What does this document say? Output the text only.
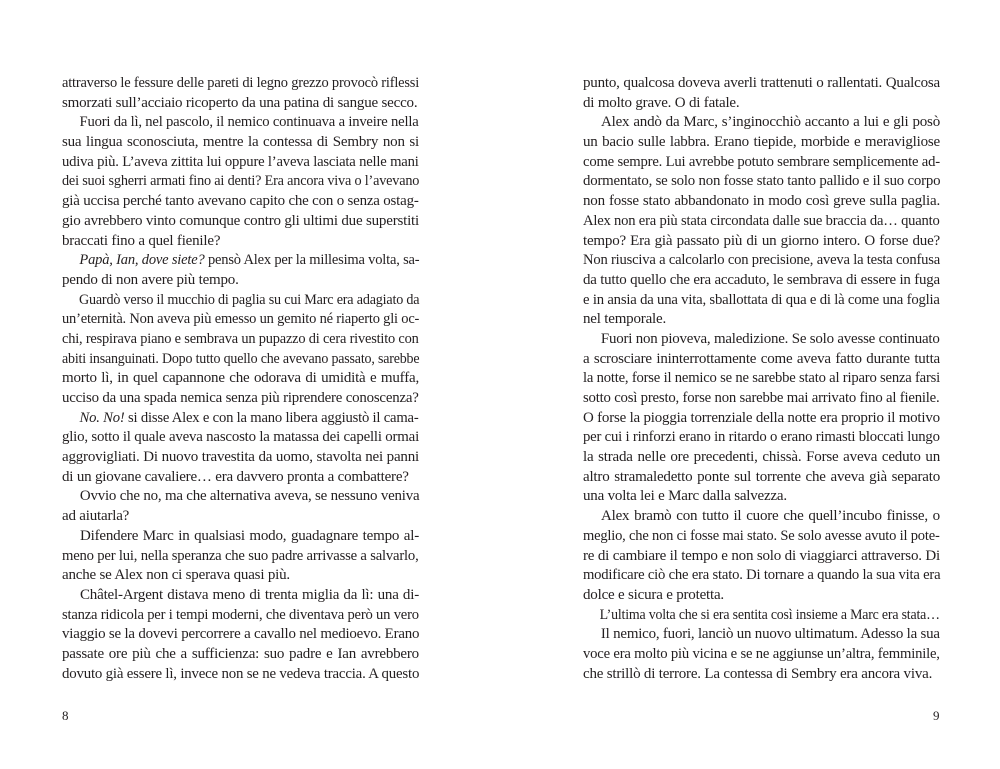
attraverso le fessure delle pareti di legno grezzo provocò riflessi
smorzati sull’acciaio ricoperto da una patina di sangue secco.
Fuori da lì, nel pascolo, il nemico continuava a inveire nella
sua lingua sconosciuta, mentre la contessa di Sembry non si
udiva più. L’aveva zittita lui oppure l’aveva lasciata nelle mani
dei suoi sgherri armati fino ai denti? Era ancora viva o l’avevano
già uccisa perché tanto avevano capito che con o senza ostag-
gio avrebbero vinto comunque contro gli ultimi due superstiti
braccati fino a quel fienile?
Papà, Ian, dove siete? pensò Alex per la millesima volta, sa-
pendo di non avere più tempo.
Guardò verso il mucchio di paglia su cui Marc era adagiato da
un’eternità. Non aveva più emesso un gemito né riaperto gli oc-
chi, respirava piano e sembrava un pupazzo di cera rivestito con
abiti insanguinati. Dopo tutto quello che avevano passato, sarebbe
morto lì, in quel capannone che odorava di umidità e muffa,
ucciso da una spada nemica senza più riprendere conoscenza?
No. No! si disse Alex e con la mano libera aggiustò il cama-
glio, sotto il quale aveva nascosto la matassa dei capelli ormai
aggrovigliati. Di nuovo travestita da uomo, stavolta nei panni
di un giovane cavaliere… era davvero pronta a combattere?
Ovvio che no, ma che alternativa aveva, se nessuno veniva
ad aiutarla?
Difendere Marc in qualsiasi modo, guadagnare tempo al-
meno per lui, nella speranza che suo padre arrivasse a salvarlo,
anche se Alex non ci sperava quasi più.
Châtel-Argent distava meno di trenta miglia da lì: una di-
stanza ridicola per i tempi moderni, che diventava però un vero
viaggio se la dovevi percorrere a cavallo nel medioevo. Erano
passate ore più che a sufficienza: suo padre e Ian avrebbero
dovuto già essere lì, invece non se ne vedeva traccia. A questo
8
punto, qualcosa doveva averli trattenuti o rallentati. Qualcosa
di molto grave. O di fatale.
Alex andò da Marc, s’inginocchiò accanto a lui e gli posò
un bacio sulle labbra. Erano tiepide, morbide e meravigliose
come sempre. Lui avrebbe potuto sembrare semplicemente ad-
dormentato, se solo non fosse stato tanto pallido e il suo corpo
non fosse stato abbandonato in modo così greve sulla paglia.
Alex non era più stata circondata dalle sue braccia da… quanto
tempo? Era già passato più di un giorno intero. O forse due?
Non riusciva a calcolarlo con precisione, aveva la testa confusa
da tutto quello che era accaduto, le sembrava di essere in fuga
e in ansia da una vita, sballottata di qua e di là come una foglia
nel temporale.
Fuori non pioveva, maledizione. Se solo avesse continuato
a scrosciare ininterrottamente come aveva fatto durante tutta
la notte, forse il nemico se ne sarebbe stato al riparo senza farsi
sotto così presto, forse non sarebbe mai arrivato fino al fienile.
O forse la pioggia torrenziale della notte era proprio il motivo
per cui i rinforzi erano in ritardo o erano rimasti bloccati lungo
la strada nelle ore precedenti, chissà. Forse aveva ceduto un
altro stramaledetto ponte sul torrente che aveva già separato
una volta lei e Marc dalla salvezza.
Alex bramò con tutto il cuore che quell’incubo finisse, o
meglio, che non ci fosse mai stato. Se solo avesse avuto il pote-
re di cambiare il tempo e non solo di viaggiarci attraverso. Di
modificare ciò che era stato. Di tornare a quando la sua vita era
dolce e sicura e protetta.
L’ultima volta che si era sentita così insieme a Marc era stata…
Il nemico, fuori, lanciò un nuovo ultimatum. Adesso la sua
voce era molto più vicina e se ne aggiunse un’altra, femminile,
che strillò di terrore. La contessa di Sembry era ancora viva.
9
